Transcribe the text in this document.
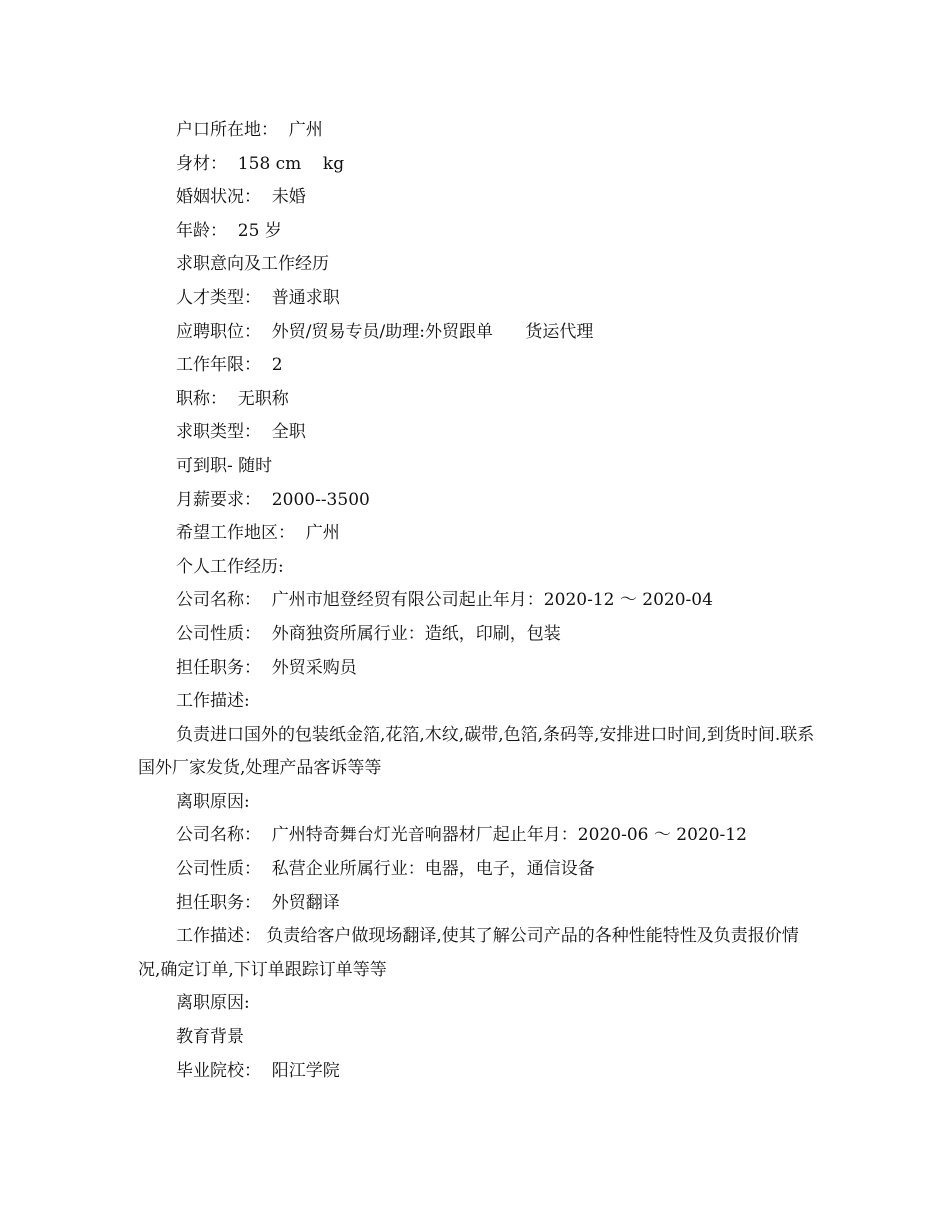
户口所在地：  广州
身材：  158 cm    kg
婚姻状况：  未婚
年龄：  25 岁
求职意向及工作经历
人才类型：  普通求职
应聘职位：  外贸/贸易专员/助理:外贸跟单      货运代理
工作年限：  2
职称：  无职称
求职类型：  全职
可到职- 随时
月薪要求：  2000--3500
希望工作地区：  广州
个人工作经历:
公司名称：  广州市旭登经贸有限公司起止年月：2020-12 ～ 2020-04
公司性质：  外商独资所属行业：造纸，印刷，包装
担任职务：  外贸采购员
工作描述:
负责进口国外的包装纸金箔,花箔,木纹,碳带,色箔,条码等,安排进口时间,到货时间.联系国外厂家发货,处理产品客诉等等
离职原因:
公司名称：  广州特奇舞台灯光音响器材厂起止年月：2020-06 ～ 2020-12
公司性质：  私营企业所属行业：电器，电子，通信设备
担任职务：  外贸翻译
工作描述： 负责给客户做现场翻译,使其了解公司产品的各种性能特性及负责报价情况,确定订单,下订单跟踪订单等等
离职原因:
教育背景
毕业院校：  阳江学院
